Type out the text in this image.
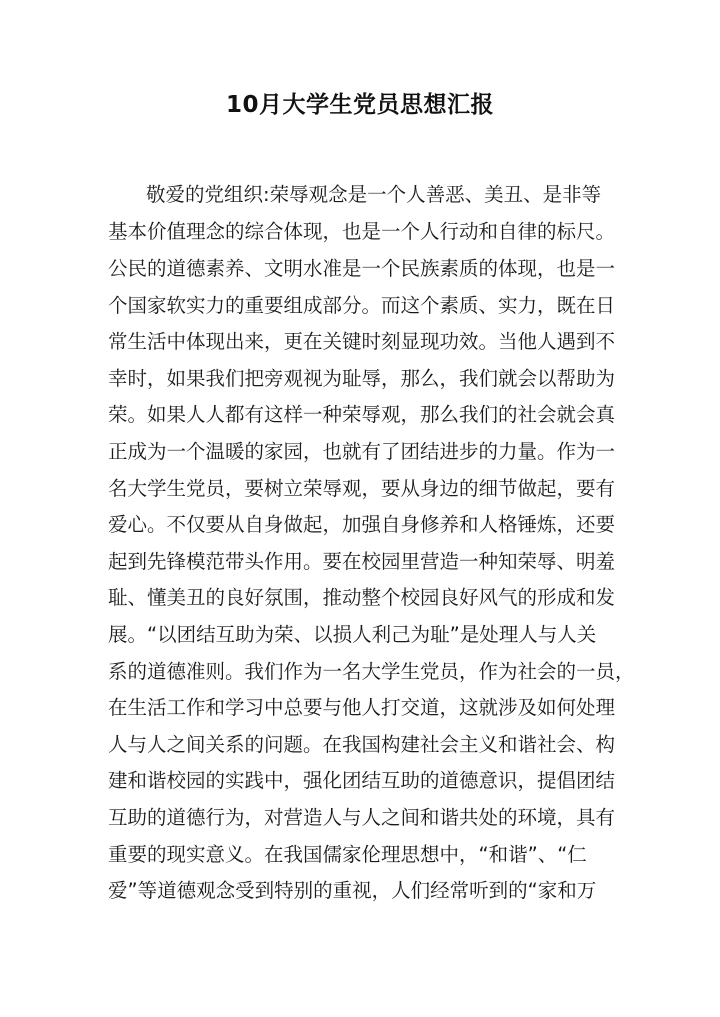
10月大学生党员思想汇报
敬爱的党组织:荣辱观念是一个人善恶、美丑、是非等
基本价值理念的综合体现，也是一个人行动和自律的标尺。
公民的道德素养、文明水准是一个民族素质的体现，也是一
个国家软实力的重要组成部分。而这个素质、实力，既在日
常生活中体现出来，更在关键时刻显现功效。当他人遇到不
幸时，如果我们把旁观视为耻辱，那么，我们就会以帮助为
荣。如果人人都有这样一种荣辱观，那么我们的社会就会真
正成为一个温暖的家园，也就有了团结进步的力量。作为一
名大学生党员，要树立荣辱观，要从身边的细节做起，要有
爱心。不仅要从自身做起，加强自身修养和人格锤炼，还要
起到先锋模范带头作用。要在校园里营造一种知荣辱、明羞
耻、懂美丑的良好氛围，推动整个校园良好风气的形成和发
展。“以团结互助为荣、以损人利己为耻”是处理人与人关
系的道德准则。我们作为一名大学生党员，作为社会的一员，
在生活工作和学习中总要与他人打交道，这就涉及如何处理
人与人之间关系的问题。在我国构建社会主义和谐社会、构
建和谐校园的实践中，强化团结互助的道德意识，提倡团结
互助的道德行为，对营造人与人之间和谐共处的环境，具有
重要的现实意义。在我国儒家伦理思想中，“和谐”、“仁
爱”等道德观念受到特别的重视，人们经常听到的“家和万
